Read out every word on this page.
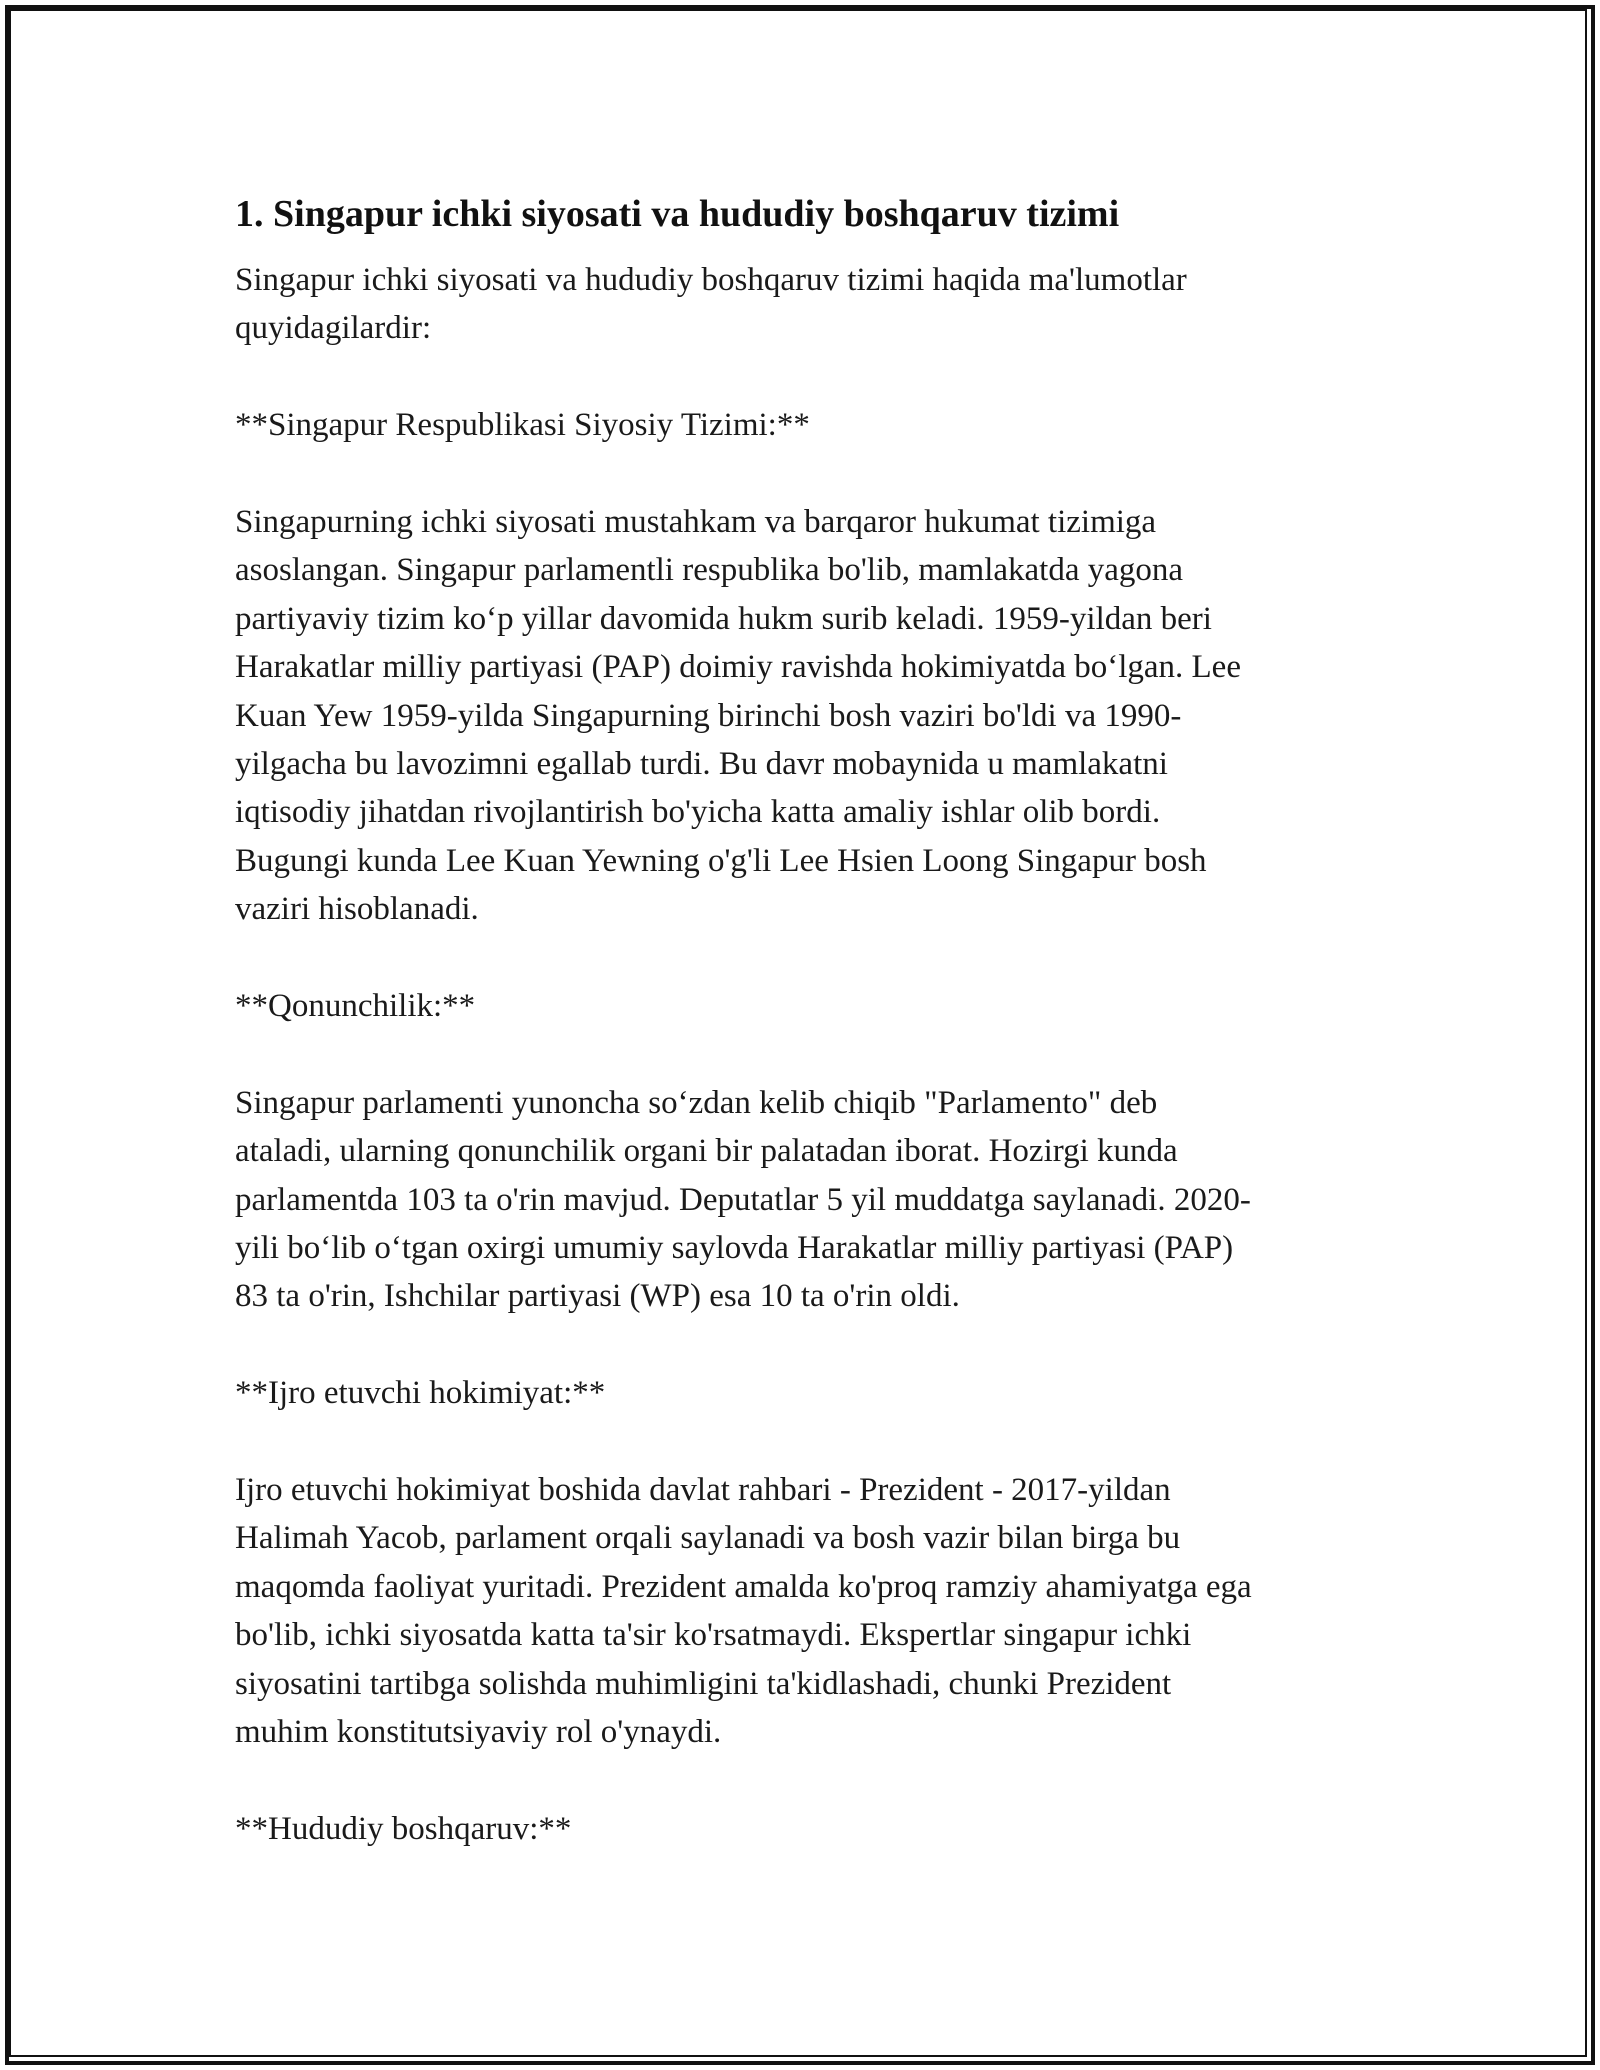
1. Singapur ichki siyosati va hududiy boshqaruv tizimi

Singapur ichki siyosati va hududiy boshqaruv tizimi haqida ma'lumotlar
quyidagilardir:

**Singapur Respublikasi Siyosiy Tizimi:**

Singapurning ichki siyosati mustahkam va barqaror hukumat tizimiga
asoslangan. Singapur parlamentli respublika bo'lib, mamlakatda yagona
partiyaviy tizim ko‘p yillar davomida hukm surib keladi. 1959-yildan beri
Harakatlar milliy partiyasi (PAP) doimiy ravishda hokimiyatda bo‘lgan. Lee
Kuan Yew 1959-yilda Singapurning birinchi bosh vaziri bo'ldi va 1990-
yilgacha bu lavozimni egallab turdi. Bu davr mobaynida u mamlakatni
iqtisodiy jihatdan rivojlantirish bo'yicha katta amaliy ishlar olib bordi.
Bugungi kunda Lee Kuan Yewning o'g'li Lee Hsien Loong Singapur bosh
vaziri hisoblanadi.

**Qonunchilik:**

Singapur parlamenti yunoncha so‘zdan kelib chiqib "Parlamento" deb
ataladi, ularning qonunchilik organi bir palatadan iborat. Hozirgi kunda
parlamentda 103 ta o'rin mavjud. Deputatlar 5 yil muddatga saylanadi. 2020-
yili bo‘lib o‘tgan oxirgi umumiy saylovda Harakatlar milliy partiyasi (PAP)
83 ta o'rin, Ishchilar partiyasi (WP) esa 10 ta o'rin oldi.

**Ijro etuvchi hokimiyat:**

Ijro etuvchi hokimiyat boshida davlat rahbari - Prezident - 2017-yildan
Halimah Yacob, parlament orqali saylanadi va bosh vazir bilan birga bu
maqomda faoliyat yuritadi. Prezident amalda ko'proq ramziy ahamiyatga ega
bo'lib, ichki siyosatda katta ta'sir ko'rsatmaydi. Ekspertlar singapur ichki
siyosatini tartibga solishda muhimligini ta'kidlashadi, chunki Prezident
muhim konstitutsiyaviy rol o'ynaydi.

**Hududiy boshqaruv:**
